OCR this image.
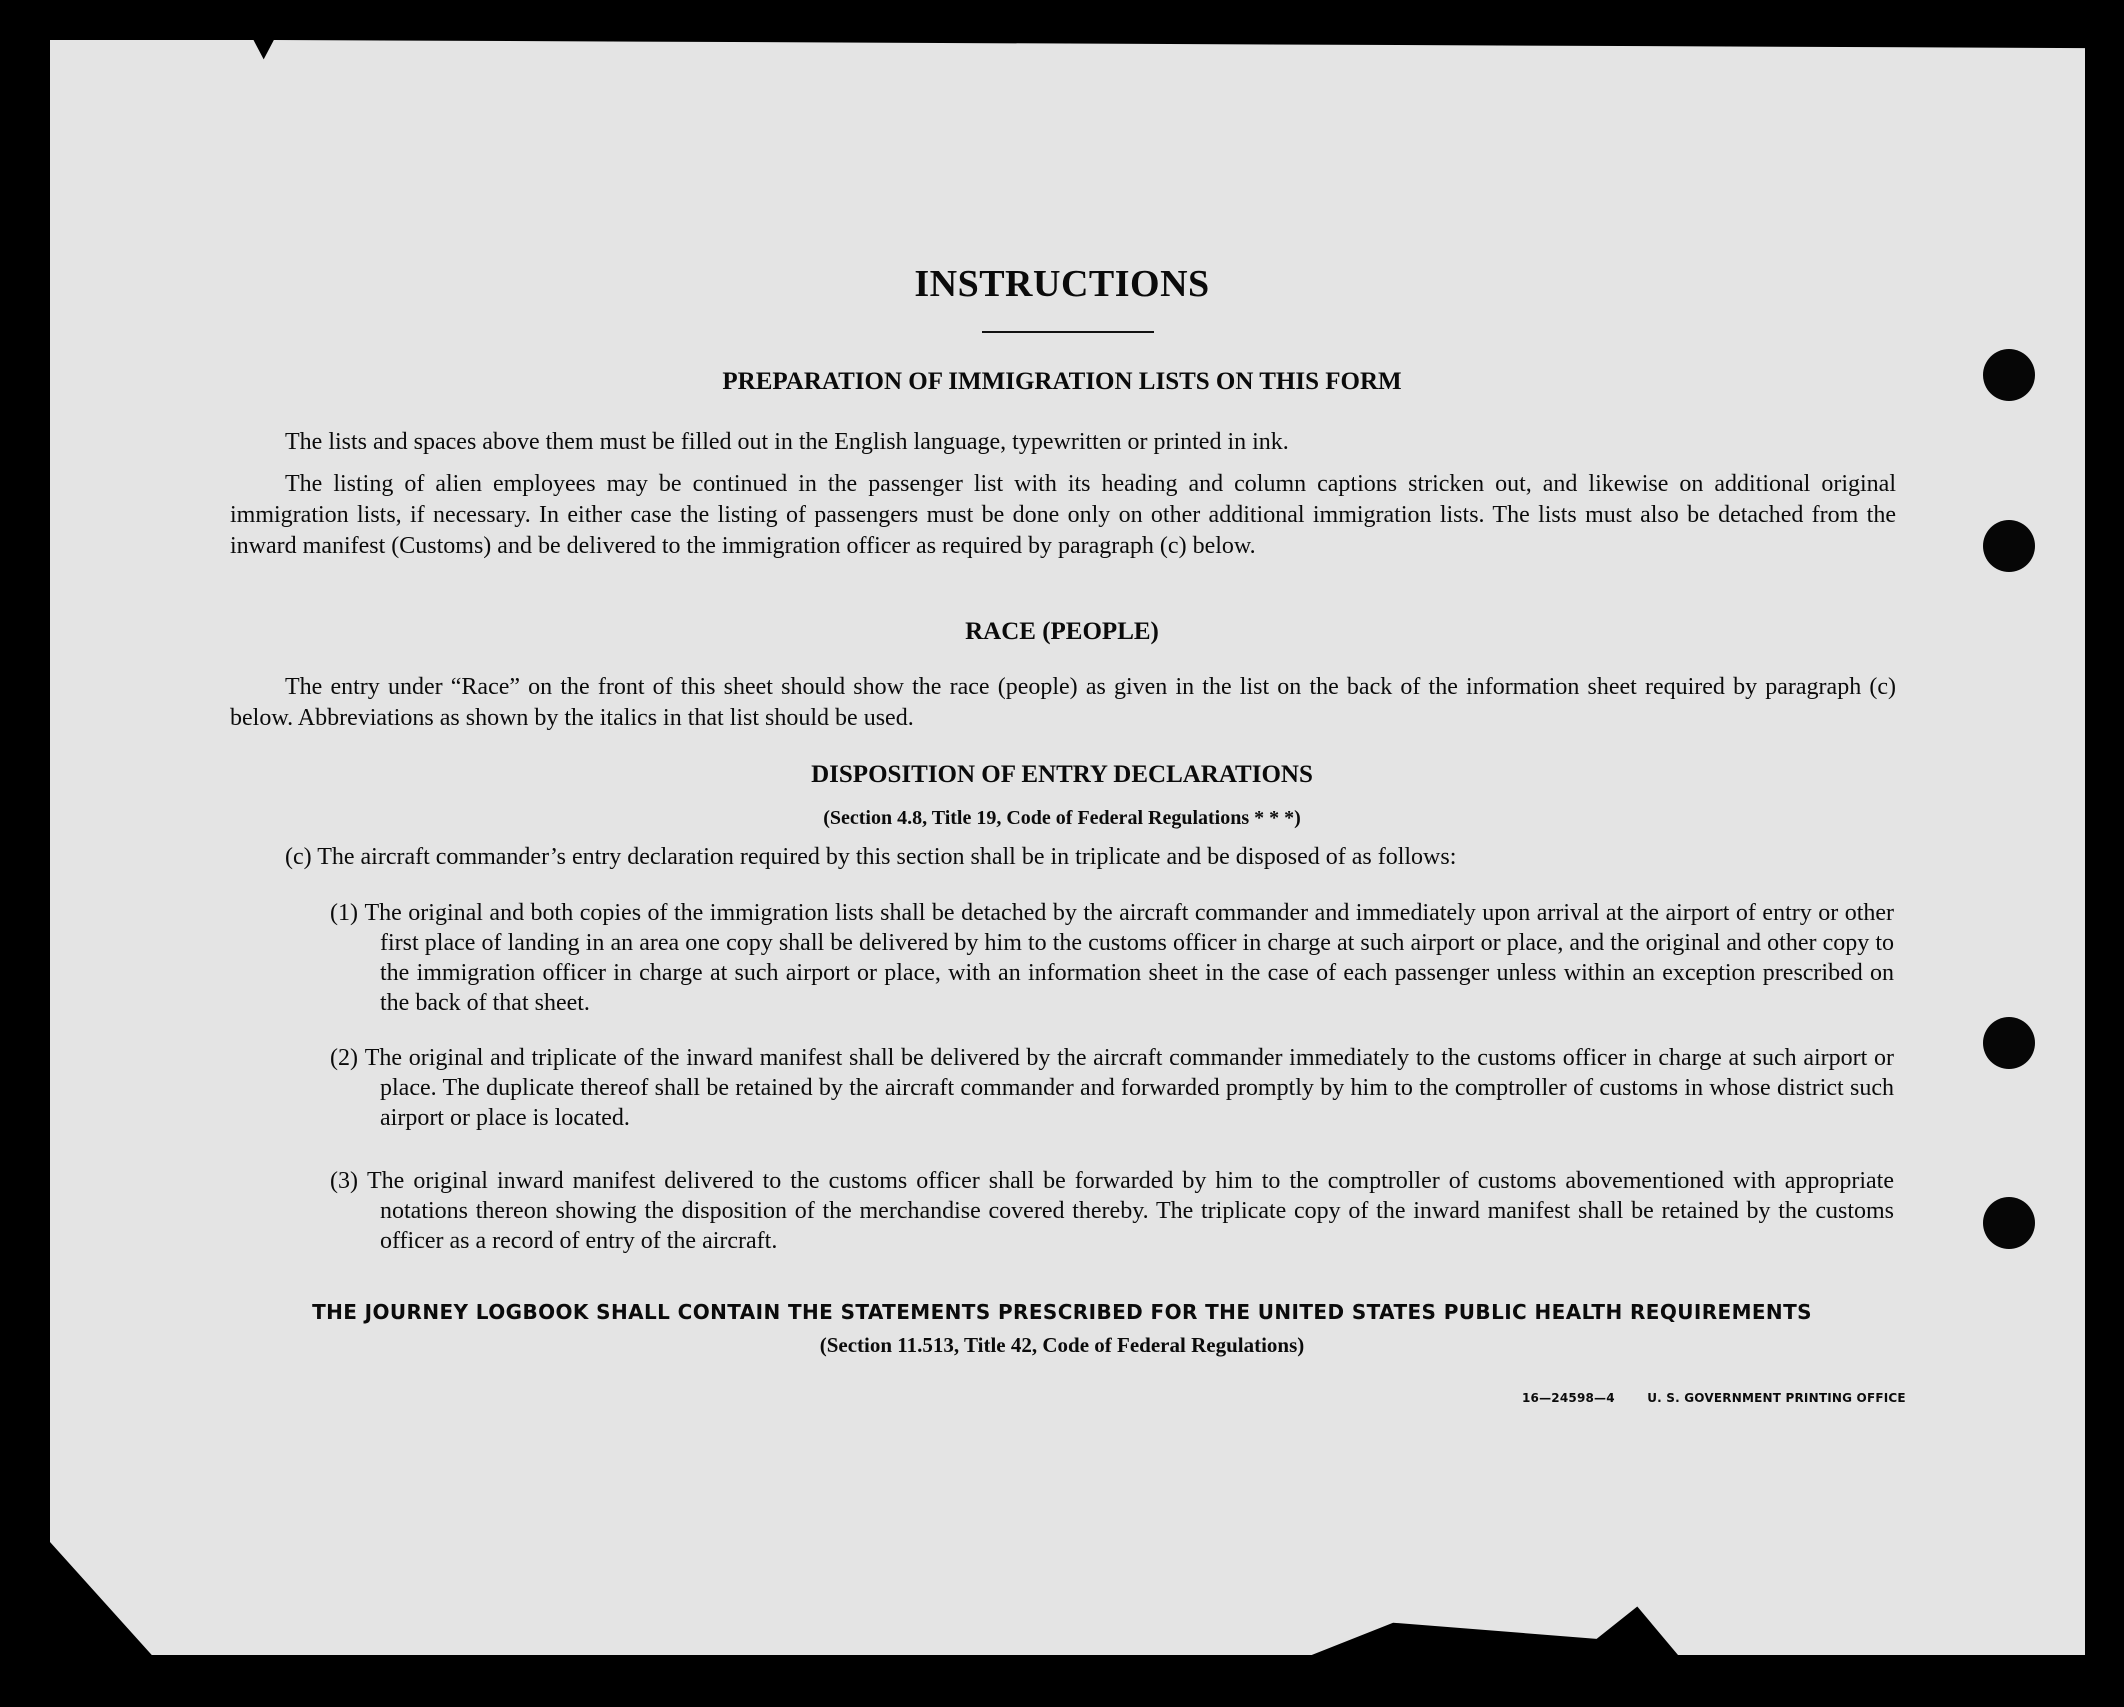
INSTRUCTIONS
PREPARATION OF IMMIGRATION LISTS ON THIS FORM

The lists and spaces above them must be filled out in the English language, typewritten or printed in ink.

The listing of alien employees may be continued in the passenger list with its heading and column captions stricken out, and likewise on additional original immigration lists, if necessary. In either case the listing of passengers must be done only on other additional immigration lists. The lists must also be detached from the inward manifest (Customs) and be delivered to the immigration officer as required by paragraph (c) below.

RACE (PEOPLE)

The entry under “Race” on the front of this sheet should show the race (people) as given in the list on the back of the information sheet required by paragraph (c) below. Abbreviations as shown by the italics in that list should be used.

DISPOSITION OF ENTRY DECLARATIONS
(Section 4.8, Title 19, Code of Federal Regulations * * *)

(c) The aircraft commander’s entry declaration required by this section shall be in triplicate and be disposed of as follows:

(1) The original and both copies of the immigration lists shall be detached by the aircraft commander and immediately upon arrival at the airport of entry or other first place of landing in an area one copy shall be delivered by him to the customs officer in charge at such airport or place, and the original and other copy to the immigration officer in charge at such airport or place, with an information sheet in the case of each passenger unless within an exception prescribed on the back of that sheet.
(2) The original and triplicate of the inward manifest shall be delivered by the aircraft commander immediately to the customs officer in charge at such airport or place. The duplicate thereof shall be retained by the aircraft commander and forwarded promptly by him to the comptroller of customs in whose district such airport or place is located.
(3) The original inward manifest delivered to the customs officer shall be forwarded by him to the comptroller of customs abovementioned with appropriate notations thereon showing the disposition of the merchandise covered thereby. The triplicate copy of the inward manifest shall be retained by the customs officer as a record of entry of the aircraft.
THE JOURNEY LOGBOOK SHALL CONTAIN THE STATEMENTS PRESCRIBED FOR THE UNITED STATES PUBLIC HEALTH REQUIREMENTS
(Section 11.513, Title 42, Code of Federal Regulations)
16—24598—4	U. S. GOVERNMENT PRINTING OFFICE
